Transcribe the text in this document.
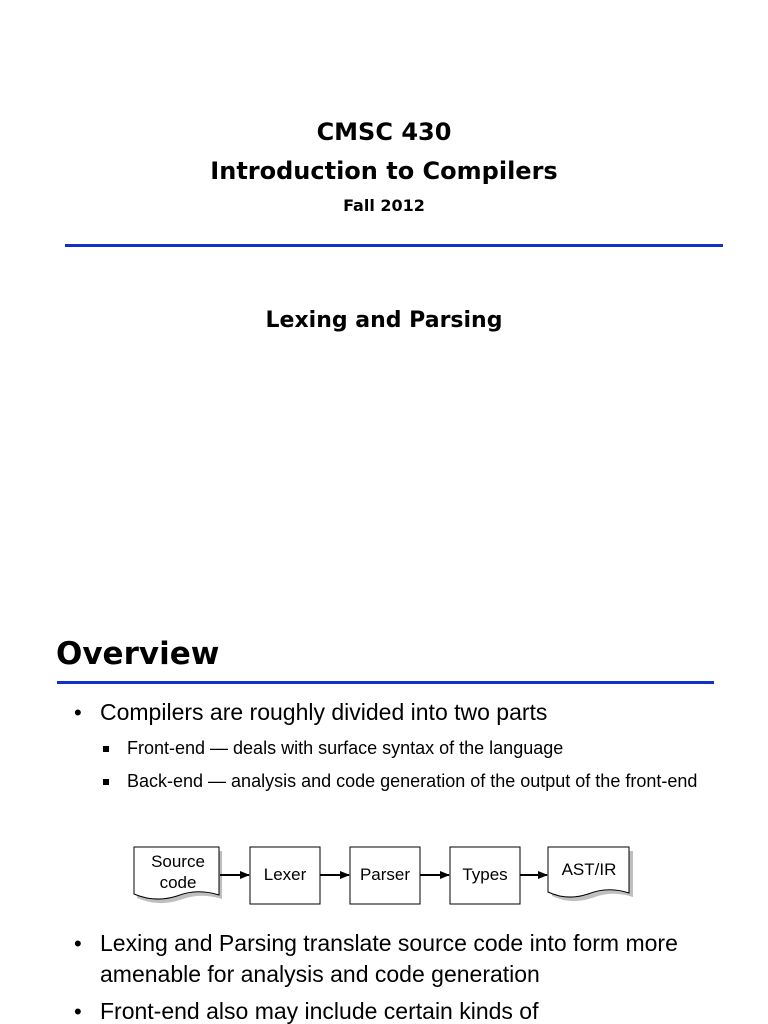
CMSC 430
Introduction to Compilers
Fall 2012
Lexing and Parsing
Overview
• Compilers are roughly divided into two parts
Front-end — deals with surface syntax of the language
Back-end — analysis and code generation of the output of the front-end
Source
code	Lexer	Parser	Types	AST/IR
• Lexing and Parsing translate source code into form more amenable for analysis and code generation
• Front-end also may include certain kinds of
